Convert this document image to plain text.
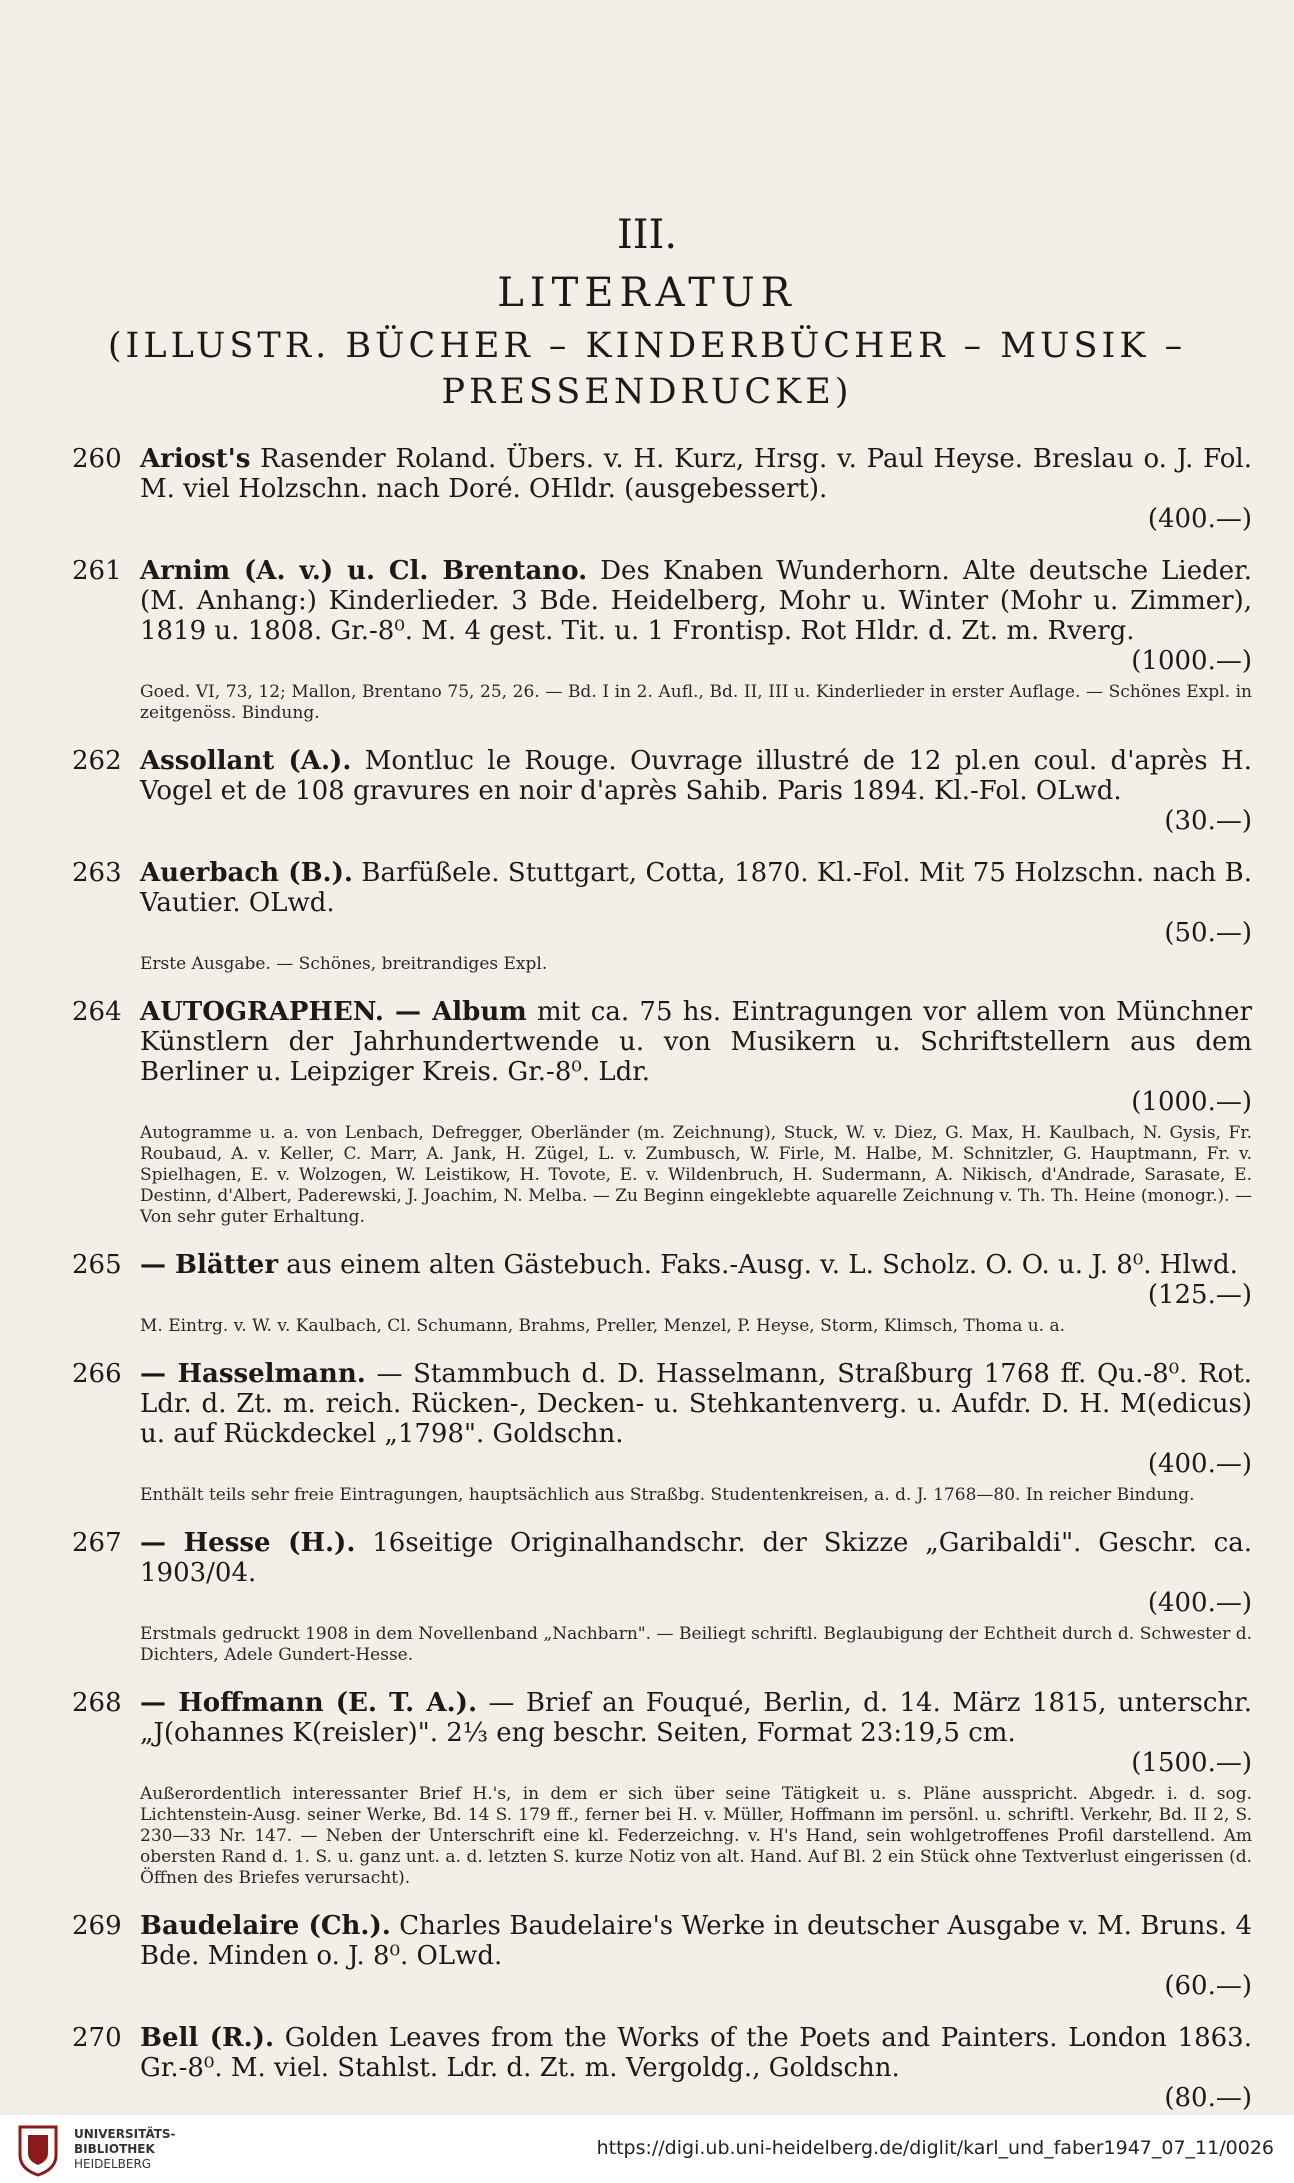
III.
LITERATUR
(ILLUSTR. BÜCHER – KINDERBÜCHER – MUSIK –
PRESSENDRUCKE)
260 Ariost's Rasender Roland. Übers. v. H. Kurz, Hrsg. v. Paul Heyse. Breslau o. J. Fol. M. viel Holzschn. nach Doré. OHldr. (ausgebessert).
(400.—)
261 Arnim (A. v.) u. Cl. Brentano. Des Knaben Wunderhorn. Alte deutsche Lieder. (M. Anhang:) Kinderlieder. 3 Bde. Heidelberg, Mohr u. Winter (Mohr u. Zimmer), 1819 u. 1808. Gr.-8⁰. M. 4 gest. Tit. u. 1 Frontisp. Rot Hldr. d. Zt. m. Rverg.
(1000.—)
Goed. VI, 73, 12; Mallon, Brentano 75, 25, 26. — Bd. I in 2. Aufl., Bd. II, III u. Kinderlieder in erster Auflage. — Schönes Expl. in zeitgenöss. Bindung.
262 Assollant (A.). Montluc le Rouge. Ouvrage illustré de 12 pl.en coul. d'après H. Vogel et de 108 gravures en noir d'après Sahib. Paris 1894. Kl.-Fol. OLwd.
(30.—)
263 Auerbach (B.). Barfüßele. Stuttgart, Cotta, 1870. Kl.-Fol. Mit 75 Holzschn. nach B. Vautier. OLwd.
(50.—)
Erste Ausgabe. — Schönes, breitrandiges Expl.
264 AUTOGRAPHEN. — Album mit ca. 75 hs. Eintragungen vor allem von Münchner Künstlern der Jahrhundertwende u. von Musikern u. Schriftstellern aus dem Berliner u. Leipziger Kreis. Gr.-8⁰. Ldr.
(1000.—)
Autogramme u. a. von Lenbach, Defregger, Oberländer (m. Zeichnung), Stuck, W. v. Diez, G. Max, H. Kaulbach, N. Gysis, Fr. Roubaud, A. v. Keller, C. Marr, A. Jank, H. Zügel, L. v. Zumbusch, W. Firle, M. Halbe, M. Schnitzler, G. Hauptmann, Fr. v. Spielhagen, E. v. Wolzogen, W. Leistikow, H. Tovote, E. v. Wildenbruch, H. Sudermann, A. Nikisch, d'Andrade, Sarasate, E. Destinn, d'Albert, Paderewski, J. Joachim, N. Melba. — Zu Beginn eingeklebte aquarelle Zeichnung v. Th. Th. Heine (monogr.). — Von sehr guter Erhaltung.
265 — Blätter aus einem alten Gästebuch. Faks.-Ausg. v. L. Scholz. O. O. u. J. 8⁰. Hlwd.
(125.—)
M. Eintrg. v. W. v. Kaulbach, Cl. Schumann, Brahms, Preller, Menzel, P. Heyse, Storm, Klimsch, Thoma u. a.
266 — Hasselmann. — Stammbuch d. D. Hasselmann, Straßburg 1768 ff. Qu.-8⁰. Rot. Ldr. d. Zt. m. reich. Rücken-, Decken- u. Stehkantenverg. u. Aufdr. D. H. M(edicus) u. auf Rückdeckel „1798". Goldschn.
(400.—)
Enthält teils sehr freie Eintragungen, hauptsächlich aus Straßbg. Studentenkreisen, a. d. J. 1768—80. In reicher Bindung.
267 — Hesse (H.). 16seitige Originalhandschr. der Skizze „Garibaldi". Geschr. ca. 1903/04.
(400.—)
Erstmals gedruckt 1908 in dem Novellenband „Nachbarn". — Beiliegt schriftl. Beglaubigung der Echtheit durch d. Schwester d. Dichters, Adele Gundert-Hesse.
268 — Hoffmann (E. T. A.). — Brief an Fouqué, Berlin, d. 14. März 1815, unterschr. „J(ohannes K(reisler)". 2⅓ eng beschr. Seiten, Format 23:19,5 cm.
(1500.—)
Außerordentlich interessanter Brief H.'s, in dem er sich über seine Tätigkeit u. s. Pläne ausspricht. Abgedr. i. d. sog. Lichtenstein-Ausg. seiner Werke, Bd. 14 S. 179 ff., ferner bei H. v. Müller, Hoffmann im persönl. u. schriftl. Verkehr, Bd. II 2, S. 230—33 Nr. 147. — Neben der Unterschrift eine kl. Federzeichng. v. H's Hand, sein wohlgetroffenes Profil darstellend. Am obersten Rand d. 1. S. u. ganz unt. a. d. letzten S. kurze Notiz von alt. Hand. Auf Bl. 2 ein Stück ohne Textverlust eingerissen (d. Öffnen des Briefes verursacht).
269 Baudelaire (Ch.). Charles Baudelaire's Werke in deutscher Ausgabe v. M. Bruns. 4 Bde. Minden o. J. 8⁰. OLwd.
(60.—)
270 Bell (R.). Golden Leaves from the Works of the Poets and Painters. London 1863. Gr.-8⁰. M. viel. Stahlst. Ldr. d. Zt. m. Vergoldg., Goldschn.
(80.—)
UNIVERSITÄTS-
BIBLIOTHEK
HEIDELBERG
https://digi.ub.uni-heidelberg.de/diglit/karl_und_faber1947_07_11/0026
